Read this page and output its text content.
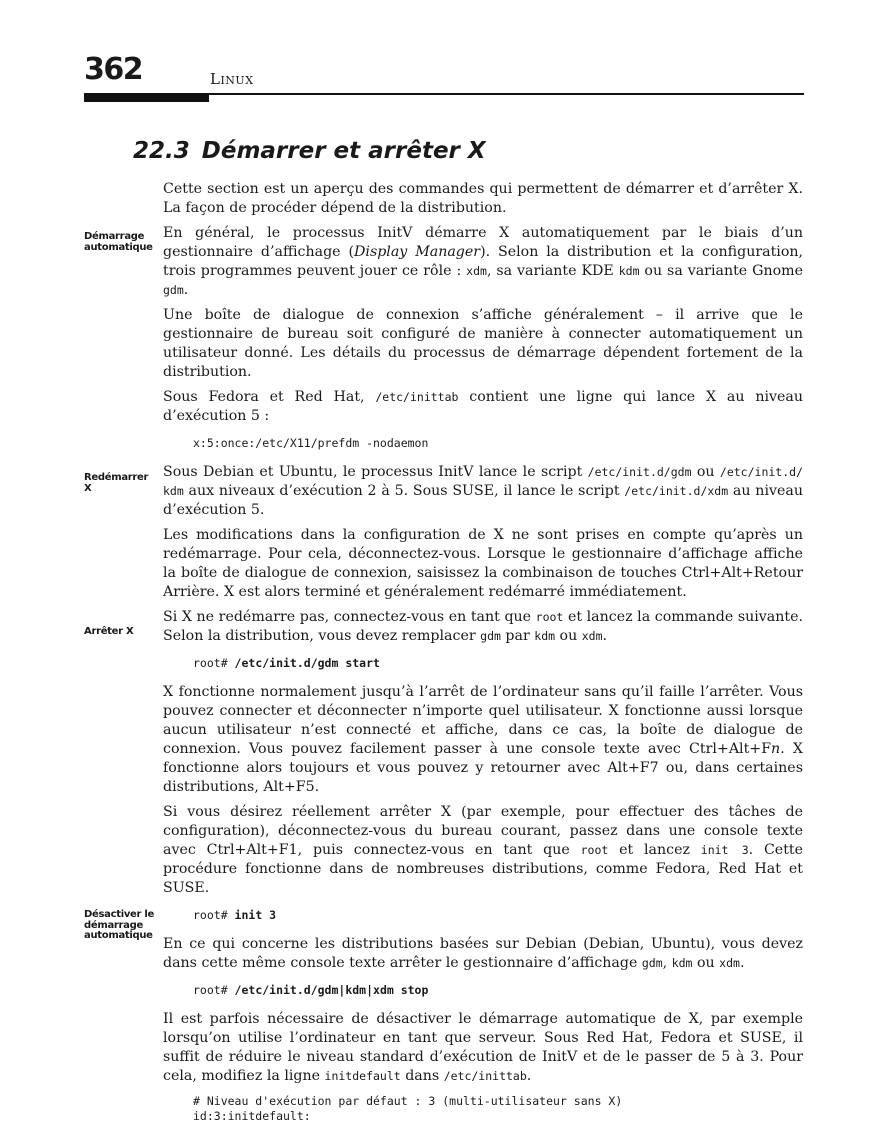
362	Linux
22.3 Démarrer et arrêter X
Démarrage
automatique
Redémarrer X
Arrêter X
Désactiver le
démarrage
automatique

Cette section est un aperçu des commandes qui permettent de démarrer et d’arrêter X. La façon de procéder dépend de la distribution.

En général, le processus InitV démarre X automatiquement par le biais d’un gestionnaire d’affichage (Display Manager). Selon la distribution et la configuration, trois programmes peuvent jouer ce rôle : xdm, sa variante KDE kdm ou sa variante Gnome gdm.

Une boîte de dialogue de connexion s’affiche généralement – il arrive que le gestionnaire de bureau soit configuré de manière à connecter automatiquement un utilisateur donné. Les détails du processus de démarrage dépendent fortement de la distribution.

Sous Fedora et Red Hat, /etc/inittab contient une ligne qui lance X au niveau d’exécution 5 :

x:5:once:/etc/X11/prefdm -nodaemon

Sous Debian et Ubuntu, le processus InitV lance le script /etc/init.d/gdm ou /etc/init.d/ kdm aux niveaux d’exécution 2 à 5. Sous SUSE, il lance le script /etc/init.d/xdm au niveau d’exécution 5.

Les modifications dans la configuration de X ne sont prises en compte qu’après un redémarrage. Pour cela, déconnectez-vous. Lorsque le gestionnaire d’affichage affiche la boîte de dialogue de connexion, saisissez la combinaison de touches Ctrl+Alt+Retour Arrière. X est alors terminé et généralement redémarré immédiatement.

Si X ne redémarre pas, connectez-vous en tant que root et lancez la commande suivante. Selon la distribution, vous devez remplacer gdm par kdm ou xdm.

root# /etc/init.d/gdm start

X fonctionne normalement jusqu’à l’arrêt de l’ordinateur sans qu’il faille l’arrêter. Vous pouvez connecter et déconnecter n’importe quel utilisateur. X fonctionne aussi lorsque aucun utilisateur n’est connecté et affiche, dans ce cas, la boîte de dialogue de connexion. Vous pouvez facilement passer à une console texte avec Ctrl+Alt+Fn. X fonctionne alors toujours et vous pouvez y retourner avec Alt+F7 ou, dans certaines distributions, Alt+F5.

Si vous désirez réellement arrêter X (par exemple, pour effectuer des tâches de configuration), déconnectez-vous du bureau courant, passez dans une console texte avec Ctrl+Alt+F1, puis connectez-vous en tant que root et lancez init 3. Cette procédure fonctionne dans de nombreuses distributions, comme Fedora, Red Hat et SUSE.

root# init 3

En ce qui concerne les distributions basées sur Debian (Debian, Ubuntu), vous devez dans cette même console texte arrêter le gestionnaire d’affichage gdm, kdm ou xdm.

root# /etc/init.d/gdm|kdm|xdm stop

Il est parfois nécessaire de désactiver le démarrage automatique de X, par exemple lorsqu’on utilise l’ordinateur en tant que serveur. Sous Red Hat, Fedora et SUSE, il suffit de réduire le niveau standard d’exécution de InitV et de le passer de 5 à 3. Pour cela, modifiez la ligne initdefault dans /etc/inittab.

# Niveau d'exécution par défaut : 3 (multi-utilisateur sans X)
id:3:initdefault:
